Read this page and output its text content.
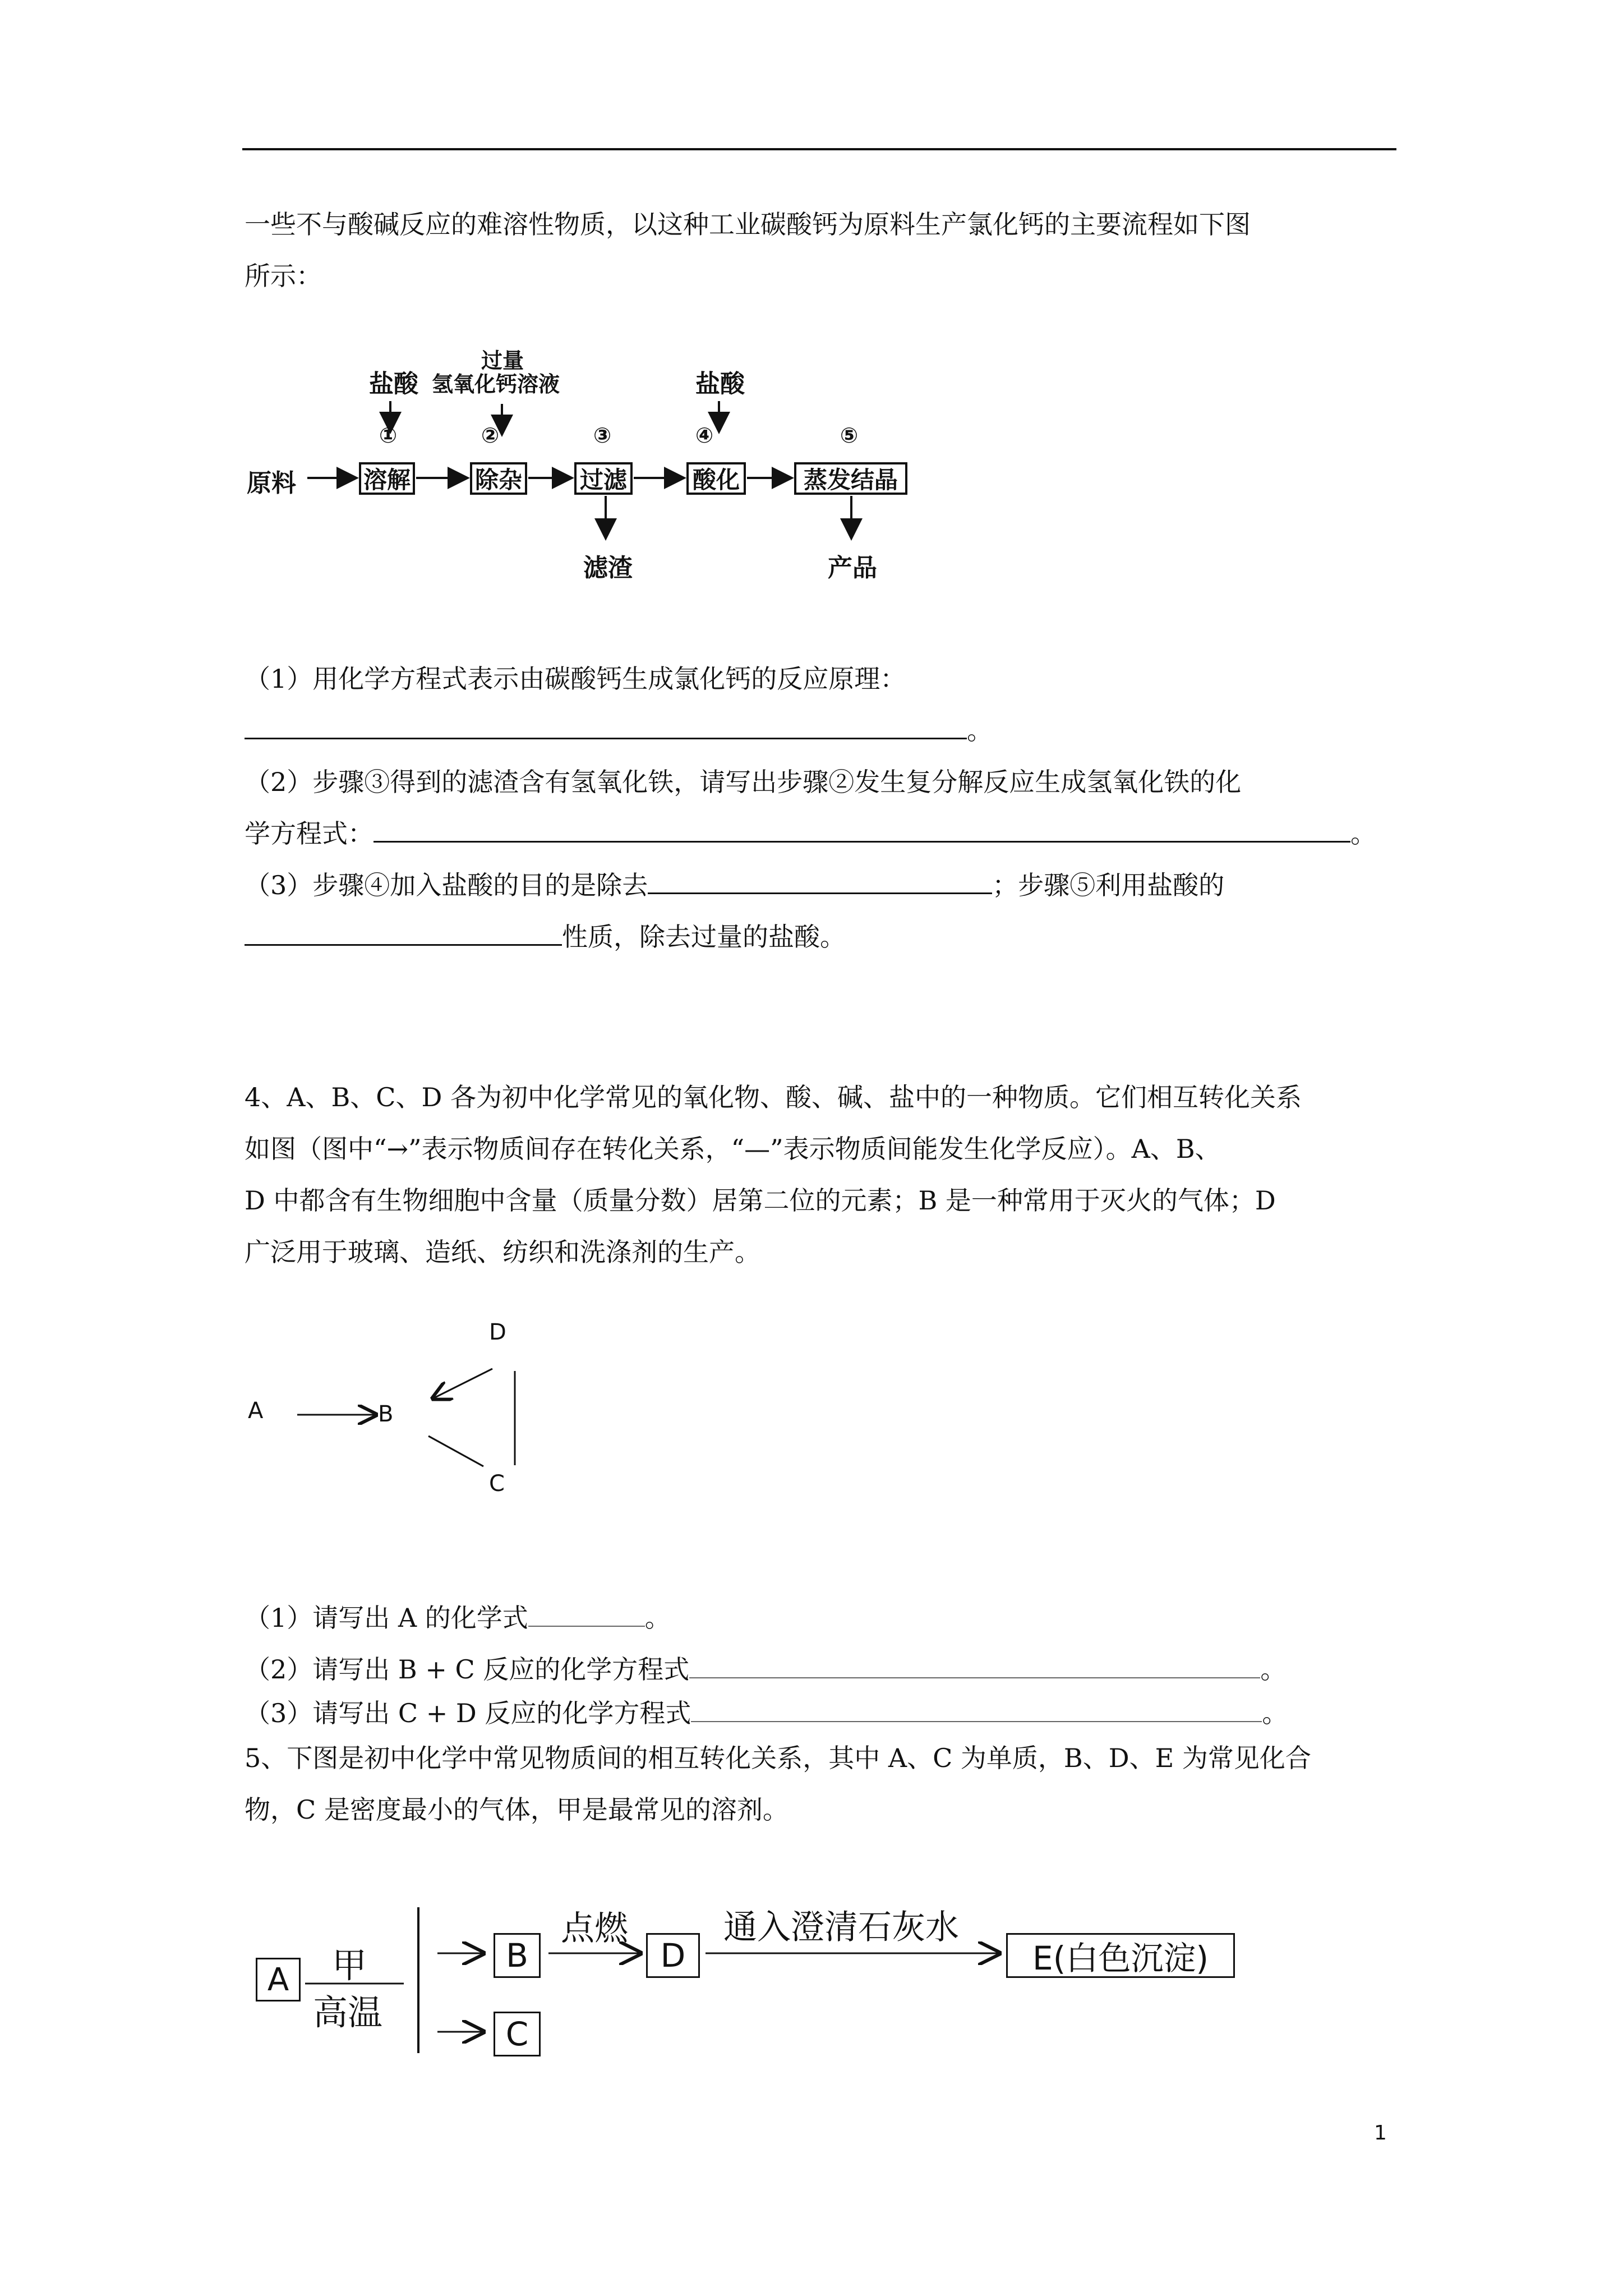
一些不与酸碱反应的难溶性物质，以这种工业碳酸钙为原料生产氯化钙的主要流程如下图
所示：
原料	溶解	除杂 过滤	酸化	蒸发结晶
①	②	③	④	⑤
盐酸
过量
氢氧化钙溶液	盐酸
滤渣	产品
（1）用化学方程式表示由碳酸钙生成氯化钙的反应原理：
。
（2）步骤③得到的滤渣含有氢氧化铁，请写出步骤②发生复分解反应生成氢氧化铁的化
学方程式：	。
（3）步骤④加入盐酸的目的是除去	；步骤⑤利用盐酸的
性质，除去过量的盐酸。
4、A、B、C、D 各为初中化学常见的氧化物、酸、碱、盐中的一种物质。它们相互转化关系
如图（图中“→”表示物质间存在转化关系，“—”表示物质间能发生化学反应）。A、B、
D 中都含有生物细胞中含量（质量分数）居第二位的元素；B 是一种常用于灭火的气体；D
广泛用于玻璃、造纸、纺织和洗涤剂的生产。
A	B
C
D
（1）请写出 A 的化学式	。
（2）请写出 B + C 反应的化学方程式	。
（3）请写出 C + D 反应的化学方程式	。
5、下图是初中化学中常见物质间的相互转化关系，其中 A、C 为单质，B、D、E 为常见化合
物，C 是密度最小的气体，甲是最常见的溶剂。
A 甲
高温
B
C
点燃
D
通入澄清石灰水
E(白色沉淀)
1
